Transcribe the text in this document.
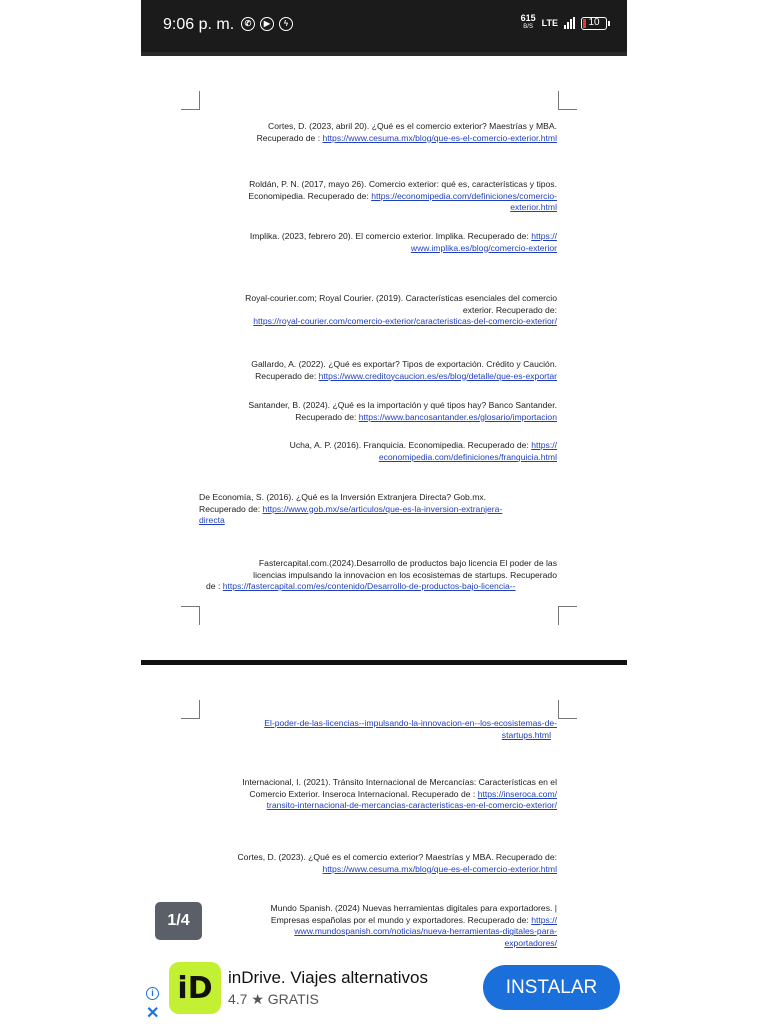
9:06 p. m.	✆	▶	ϟ
615
B/S LTE	10
Cortes, D. (2023, abril 20). ¿Qué es el comercio exterior? Maestrías y MBA.
Recuperado de : https://www.cesuma.mx/blog/que-es-el-comercio-exterior.html
Roldán, P. N. (2017, mayo 26). Comercio exterior: qué es, características y tipos.
Economipedia. Recuperado de: https://economipedia.com/definiciones/comercio-
exterior.html
Implika. (2023, febrero 20). El comercio exterior. Implika. Recuperado de: https://
www.implika.es/blog/comercio-exterior
Royal-courier.com; Royal Courier. (2019). Características esenciales del comercio
exterior. Recuperado de:
https://royal-courier.com/comercio-exterior/caracteristicas-del-comercio-exterior/
Gallardo, A. (2022). ¿Qué es exportar? Tipos de exportación. Crédito y Caución.
Recuperado de: https://www.creditoycaucion.es/es/blog/detalle/que-es-exportar
Santander, B. (2024). ¿Qué es la importación y qué tipos hay? Banco Santander.
Recuperado de: https://www.bancosantander.es/glosario/importacion
Ucha, A. P. (2016). Franquicia. Economipedia. Recuperado de: https://
economipedia.com/definiciones/franquicia.html
De Economía, S. (2016). ¿Qué es la Inversión Extranjera Directa? Gob.mx.
Recuperado de: https://www.gob.mx/se/articulos/que-es-la-inversion-extranjera-
directa
Fastercapital.com.(2024).Desarrollo de productos bajo licencia El poder de las
licencias impulsando la innovacion en los ecosistemas de startups. Recuperado
de : https://fastercapital.com/es/contenido/Desarrollo-de-productos-bajo-licencia--
El-poder-de-las-licencias--impulsando-la-innovacion-en--los-ecosistemas-de-
startups.html
Internacional, I. (2021). Tránsito Internacional de Mercancías: Características en el
Comercio Exterior. Inseroca Internacional. Recuperado de : https://inseroca.com/
transito-internacional-de-mercancias-caracteristicas-en-el-comercio-exterior/
Cortes, D. (2023). ¿Qué es el comercio exterior? Maestrías y MBA. Recuperado de:
https://www.cesuma.mx/blog/que-es-el-comercio-exterior.html
Mundo Spanish. (2024) Nuevas herramientas digitales para exportadores. |
Empresas españolas por el mundo y exportadores. Recuperado de: https://
www.mundospanish.com/noticias/nueva-herramientas-digitales-para-
exportadores/
1/4
i
✕
iD inDrive. Viajes alternativos
4.7 ★ GRATIS
INSTALAR
